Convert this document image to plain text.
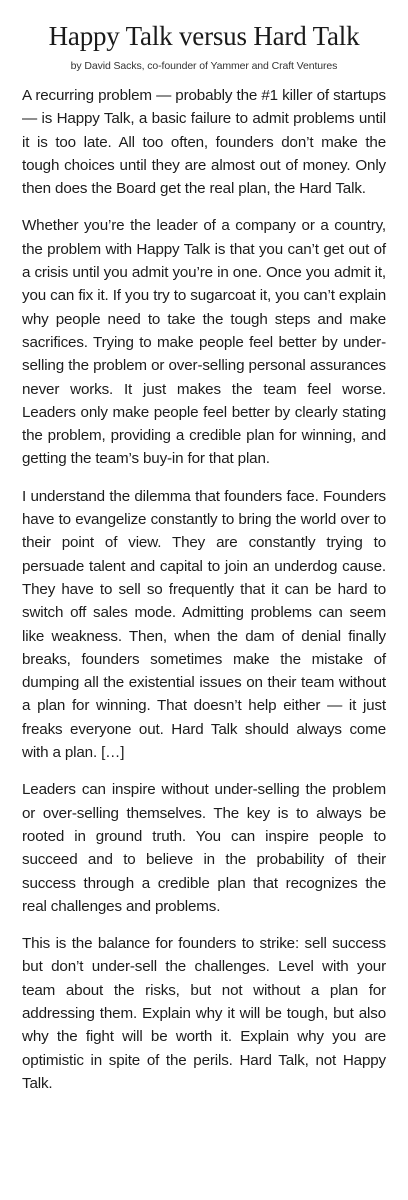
Happy Talk versus Hard Talk
by David Sacks, co-founder of Yammer and Craft Ventures

A recurring problem — probably the #1 killer of startups — is Happy Talk, a basic failure to admit problems until it is too late. All too often, founders don’t make the tough choices until they are almost out of money. Only then does the Board get the real plan, the Hard Talk.

Whether you’re the leader of a company or a country, the problem with Happy Talk is that you can’t get out of a crisis until you admit you’re in one. Once you admit it, you can fix it. If you try to sugarcoat it, you can’t explain why people need to take the tough steps and make sacrifices. Trying to make people feel better by under-selling the problem or over-selling personal assurances never works. It just makes the team feel worse. Leaders only make people feel better by clearly stating the problem, providing a credible plan for winning, and getting the team’s buy-in for that plan.

I understand the dilemma that founders face. Founders have to evangelize constantly to bring the world over to their point of view. They are constantly trying to persuade talent and capital to join an underdog cause. They have to sell so frequently that it can be hard to switch off sales mode. Admitting problems can seem like weakness. Then, when the dam of denial finally breaks, founders sometimes make the mistake of dumping all the existential issues on their team without a plan for winning. That doesn’t help either — it just freaks everyone out. Hard Talk should always come with a plan. […]

Leaders can inspire without under-selling the problem or over-selling themselves. The key is to always be rooted in ground truth. You can inspire people to succeed and to believe in the probability of their success through a credible plan that recognizes the real challenges and problems.

This is the balance for founders to strike: sell success but don’t under-sell the challenges. Level with your team about the risks, but not without a plan for addressing them. Explain why it will be tough, but also why the fight will be worth it. Explain why you are optimistic in spite of the perils. Hard Talk, not Happy Talk.
